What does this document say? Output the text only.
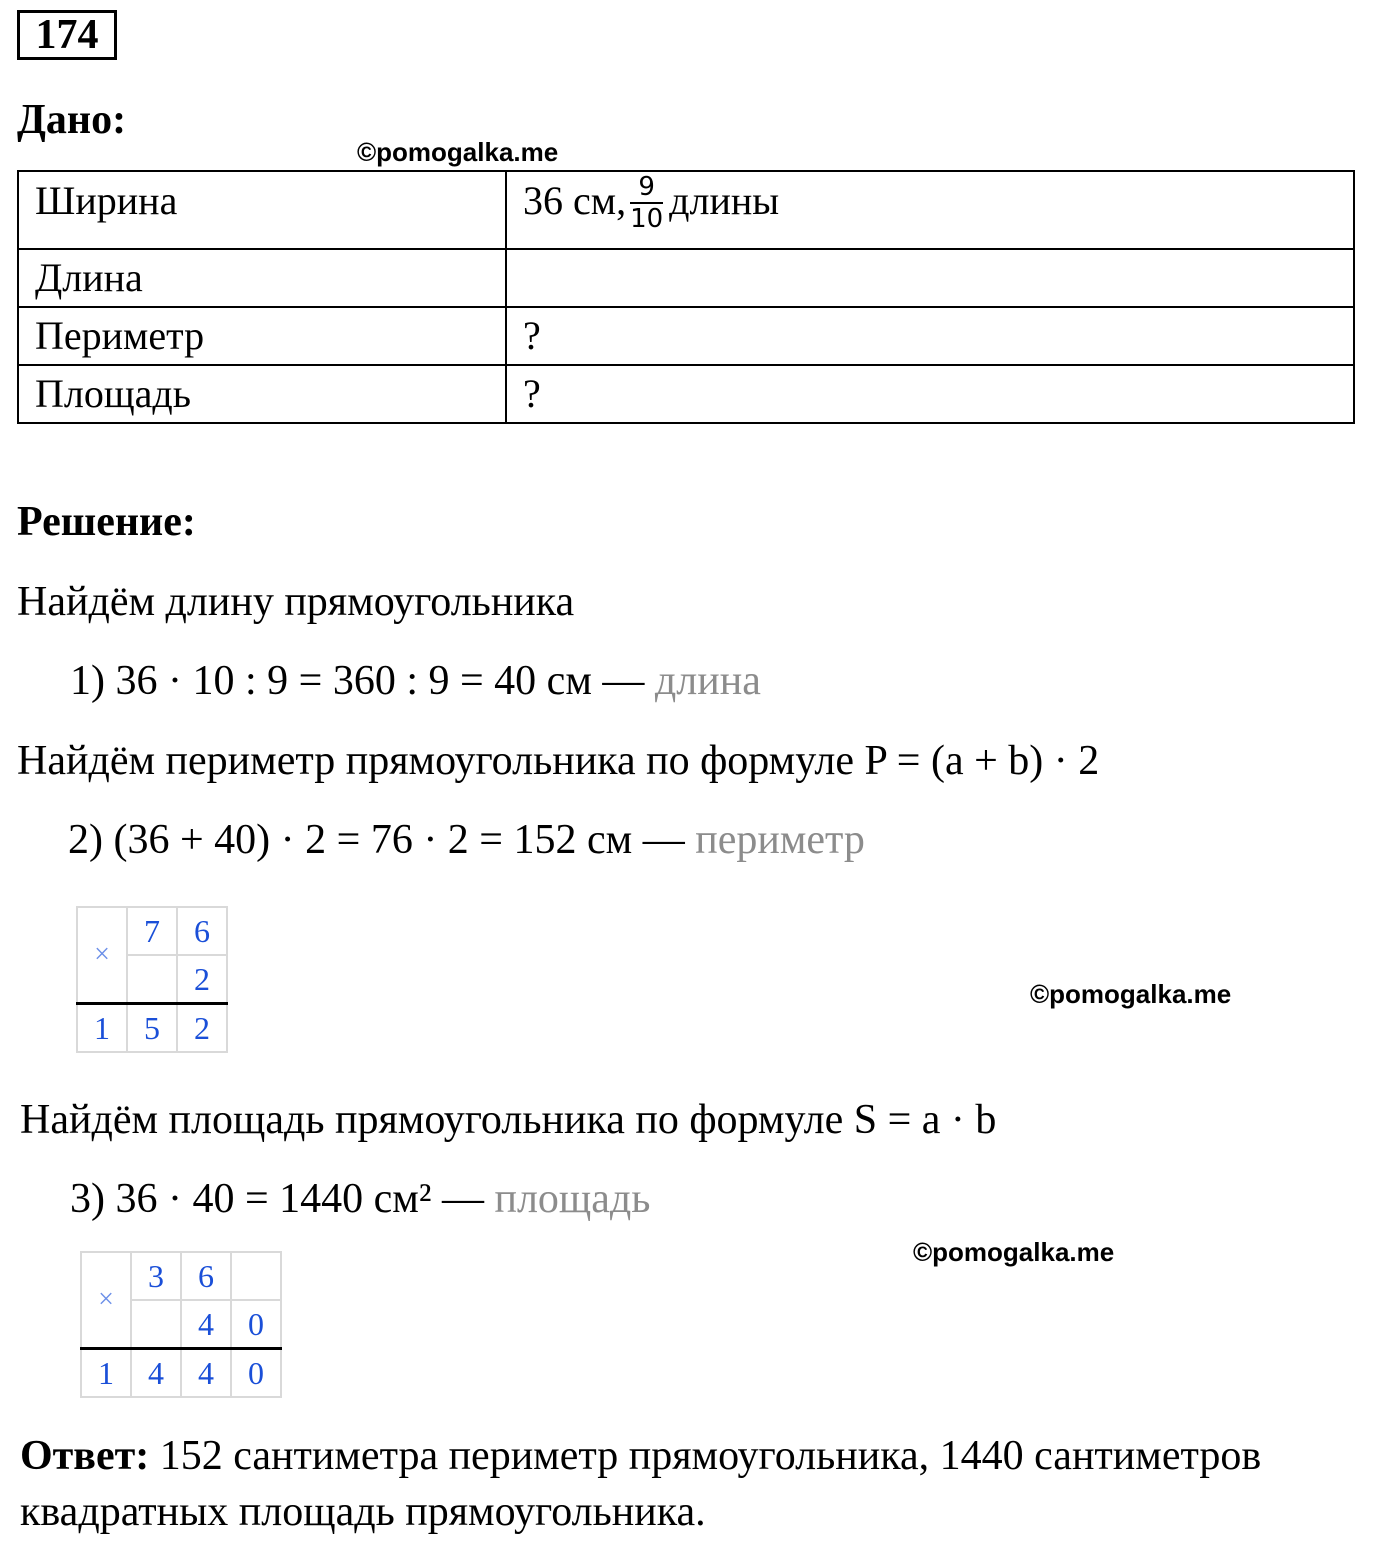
174
Дано:
©pomogalka.me
Ширина	36 см, $\frac{9}{10}$ длины
Длина	
Периметр	?
Площадь	?
Решение:
Найдём длину прямоугольника
1) 36 · 10 : 9 = 360 : 9 = 40 см — длина
Найдём периметр прямоугольника по формуле P = (a + b) · 2
2) (36 + 40) · 2 = 76 · 2 = 152 см — периметр
×	7	6
		2
1	5	2
©pomogalka.me
Найдём площадь прямоугольника по формуле S = a · b
3) 36 · 40 = 1440 см² — площадь
©pomogalka.me
×	3	6	
		4	0
1	4	4	0
Ответ: 152 сантиметра периметр прямоугольника, 1440 сантиметров квадратных площадь прямоугольника.
